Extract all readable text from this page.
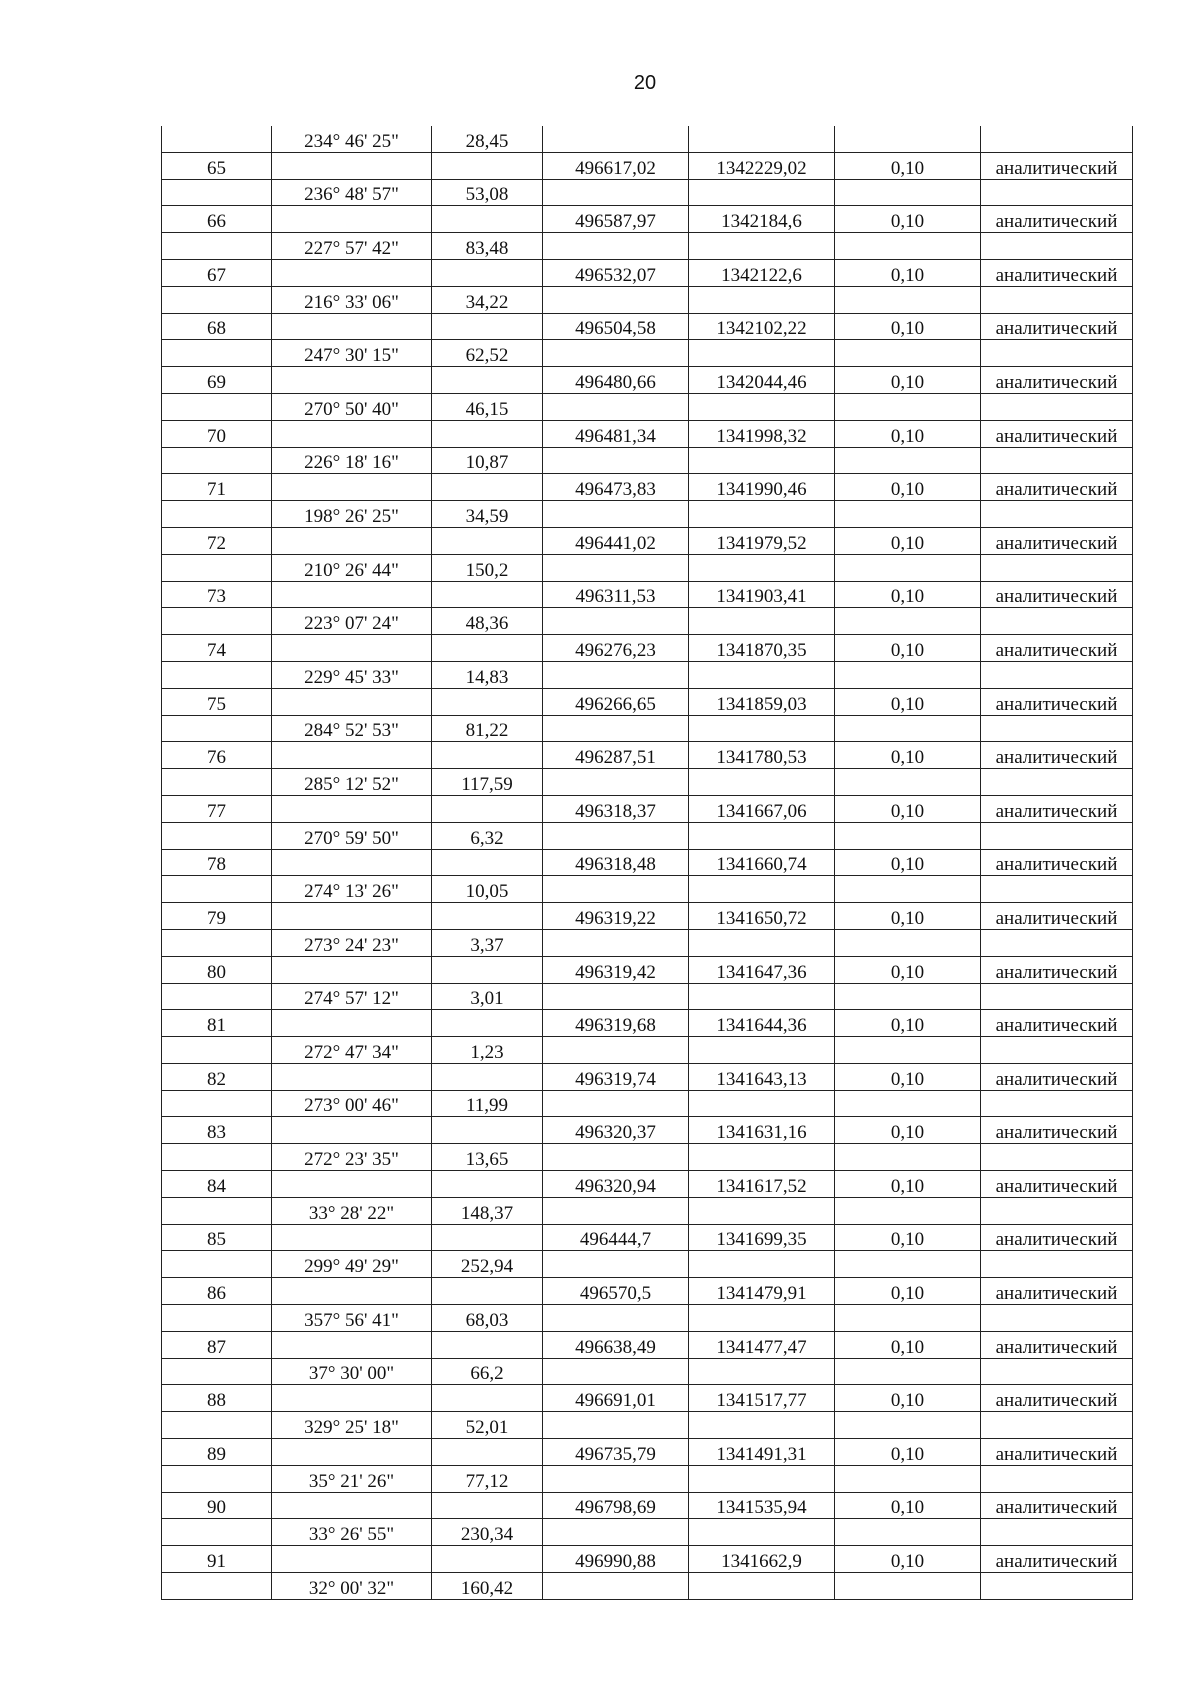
20
	234° 46' 25"	28,45				
65			496617,02	1342229,02	0,10	аналитический
	236° 48' 57"	53,08				
66			496587,97	1342184,6	0,10	аналитический
	227° 57' 42"	83,48				
67			496532,07	1342122,6	0,10	аналитический
	216° 33' 06"	34,22				
68			496504,58	1342102,22	0,10	аналитический
	247° 30' 15"	62,52				
69			496480,66	1342044,46	0,10	аналитический
	270° 50' 40"	46,15				
70			496481,34	1341998,32	0,10	аналитический
	226° 18' 16"	10,87				
71			496473,83	1341990,46	0,10	аналитический
	198° 26' 25"	34,59				
72			496441,02	1341979,52	0,10	аналитический
	210° 26' 44"	150,2				
73			496311,53	1341903,41	0,10	аналитический
	223° 07' 24"	48,36				
74			496276,23	1341870,35	0,10	аналитический
	229° 45' 33"	14,83				
75			496266,65	1341859,03	0,10	аналитический
	284° 52' 53"	81,22				
76			496287,51	1341780,53	0,10	аналитический
	285° 12' 52"	117,59				
77			496318,37	1341667,06	0,10	аналитический
	270° 59' 50"	6,32				
78			496318,48	1341660,74	0,10	аналитический
	274° 13' 26"	10,05				
79			496319,22	1341650,72	0,10	аналитический
	273° 24' 23"	3,37				
80			496319,42	1341647,36	0,10	аналитический
	274° 57' 12"	3,01				
81			496319,68	1341644,36	0,10	аналитический
	272° 47' 34"	1,23				
82			496319,74	1341643,13	0,10	аналитический
	273° 00' 46"	11,99				
83			496320,37	1341631,16	0,10	аналитический
	272° 23' 35"	13,65				
84			496320,94	1341617,52	0,10	аналитический
	33° 28' 22"	148,37				
85			496444,7	1341699,35	0,10	аналитический
	299° 49' 29"	252,94				
86			496570,5	1341479,91	0,10	аналитический
	357° 56' 41"	68,03				
87			496638,49	1341477,47	0,10	аналитический
	37° 30' 00"	66,2				
88			496691,01	1341517,77	0,10	аналитический
	329° 25' 18"	52,01				
89			496735,79	1341491,31	0,10	аналитический
	35° 21' 26"	77,12				
90			496798,69	1341535,94	0,10	аналитический
	33° 26' 55"	230,34				
91			496990,88	1341662,9	0,10	аналитический
	32° 00' 32"	160,42				
